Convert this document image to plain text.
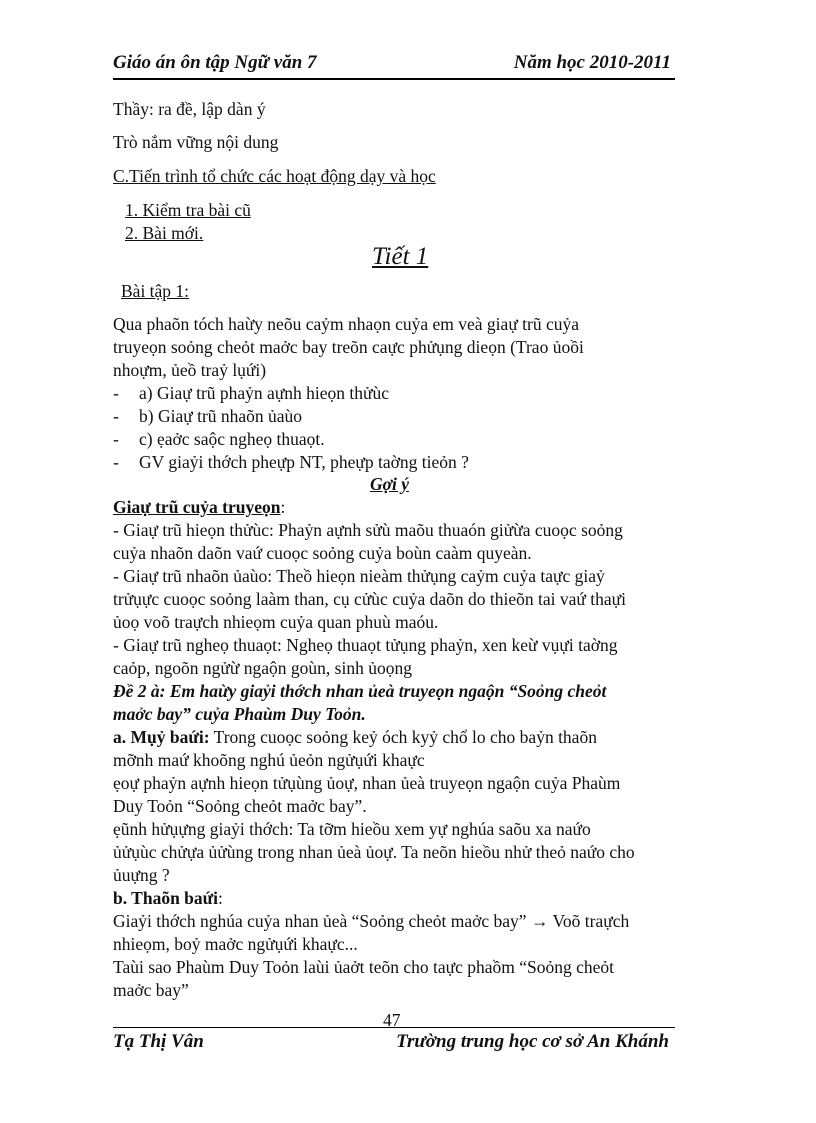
Giáo án ôn tập Ngữ văn 7	Năm học 2010-2011
Thầy: ra đề, lập dàn ý
Trò nắm vững nội dung
C.Tiến trình tổ chức các hoạt động dạy và học
1. Kiểm tra bài cũ
2. Bài mới.
Bài tập 1:
Qua phaõn tóch haừy neõu caỷm nhaọn cuỷa em veà giaự trũ cuỷa
truyeọn soỏng cheỏt maởc bay treõn caực phửụng dieọn (Trao ủoồi
nhoựm, ủeồ traỷ lụứi)
- a) Giaự trũ phaỷn aựnh hieọn thửùc
- b) Giaự trũ nhaõn ủaùo
- c) ẹaởc saộc ngheọ thuaọt.
- GV giaỷi thớch pheựp NT, pheựp taờng tieỏn ?
Giaự trũ cuỷa truyeọn:
- Giaự trũ hieọn thửùc: Phaỷn aựnh sửù maõu thuaón giửừa cuoọc soỏng
cuỷa nhaõn daõn vaứ cuoọc soỏng cuỷa boùn caàm quyeàn.
- Giaự trũ nhaõn ủaùo: Theồ hieọn nieàm thửụng caỷm cuỷa taực giaỷ
trửụực cuoọc soỏng laàm than, cụ cửùc cuỷa daõn do thieõn tai vaứ thaựi
ủoọ voõ traựch nhieọm cuỷa quan phuù maóu.
- Giaự trũ ngheọ thuaọt: Ngheọ thuaọt tửụng phaỷn, xen keừ vụựi taờng
caỏp, ngoõn ngửừ ngaộn goùn, sinh ủoọng
Đề 2 à: Em haừy giaỷi thớch nhan ủeà truyeọn ngaộn “Soỏng cheỏt
maởc bay” cuỷa Phaùm Duy Toỏn.
a. Mụỷ baứi: Trong cuoọc soỏng keỷ óch kyỷ chổ lo cho baỷn thaõn
mỡnh maứ khoõng nghú ủeỏn ngửụứi khaực
ẹoự phaỷn aựnh hieọn tửụùng ủoự, nhan ủeà truyeọn ngaộn cuỷa Phaùm
Duy Toỏn “Soỏng cheỏt maởc bay”.
ẹũnh hửụựng giaỷi thớch: Ta tỡm hieồu xem yự nghúa saõu xa naứo
ủửụùc chửựa ủửùng trong nhan ủeà ủoự. Ta neõn hieồu nhử theỏ naứo cho
ủuựng ?
b. Thaõn baứi:
Giaỷi thớch nghúa cuỷa nhan ủeà “Soỏng cheỏt maởc bay” → Voõ traựch
nhieọm, boỷ maởc ngửụứi khaực...
Taùi sao Phaùm Duy Toỏn laùi ủaởt teõn cho taực phaồm “Soỏng cheỏt
maởc bay”
Tiết 1
Gợi ý
47
Tạ Thị Vân	Trường trung học cơ sở An Khánh
